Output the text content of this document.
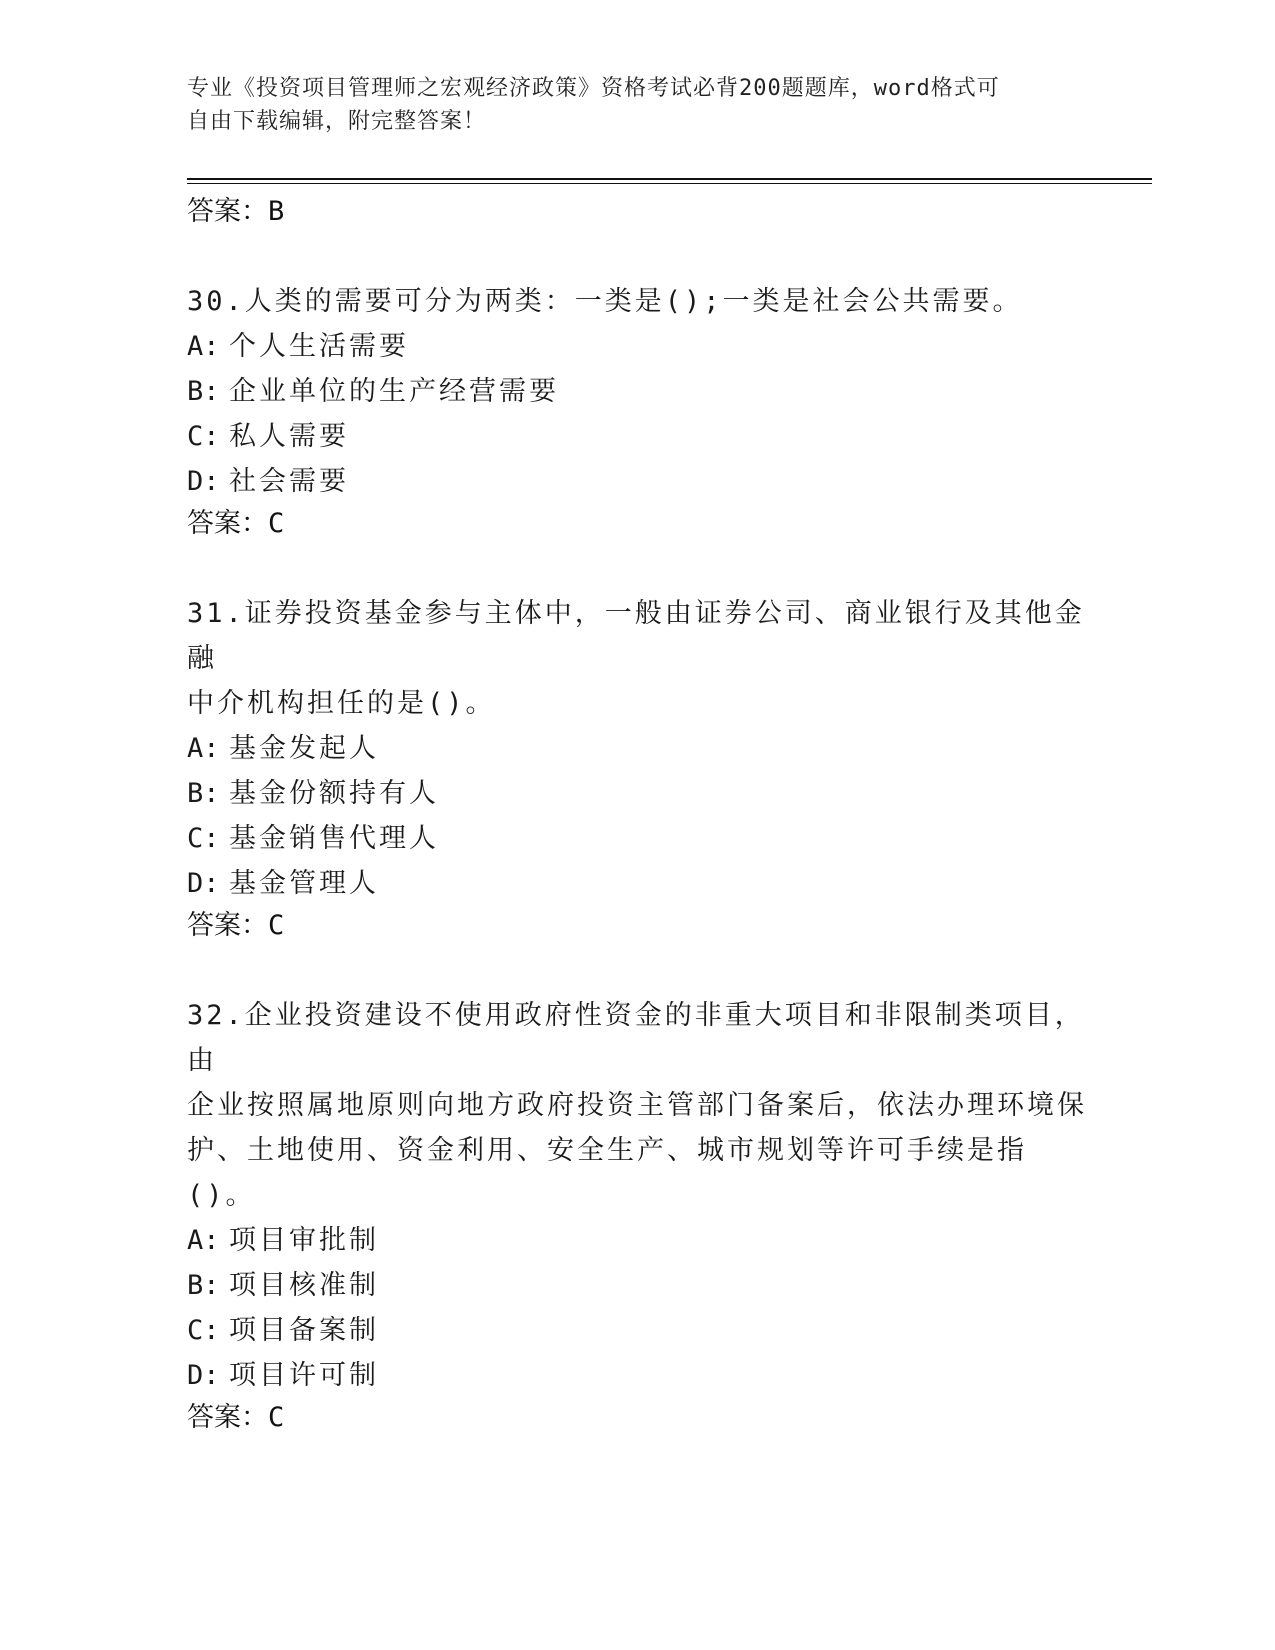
专业《投资项目管理师之宏观经济政策》资格考试必背200题题库，word格式可
自由下载编辑，附完整答案！

答案：B

30.人类的需要可分为两类：一类是();一类是社会公共需要。

A: 个人生活需要

B: 企业单位的生产经营需要

C: 私人需要

D: 社会需要

答案：C

31.证券投资基金参与主体中，一般由证券公司、商业银行及其他金融

中介机构担任的是()。

A: 基金发起人

B: 基金份额持有人

C: 基金销售代理人

D: 基金管理人

答案：C

32.企业投资建设不使用政府性资金的非重大项目和非限制类项目，由

企业按照属地原则向地方政府投资主管部门备案后，依法办理环境保

护、土地使用、资金利用、安全生产、城市规划等许可手续是指()。

A: 项目审批制

B: 项目核准制

C: 项目备案制

D: 项目许可制

答案：C
